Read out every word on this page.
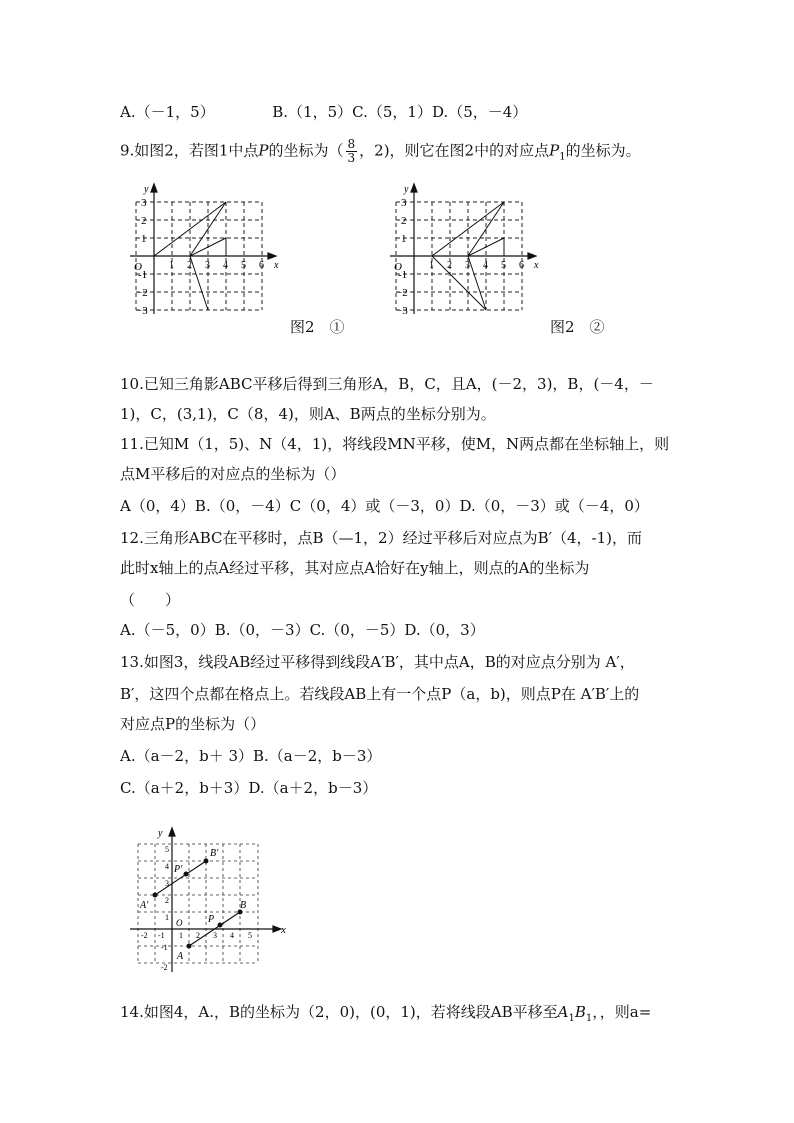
A.（－1，5）	B.（1，5）C.（5，1）D.（5，－4）
9.如图2，若图1中点P的坐标为（ $\frac{8}{3}$ ，2)，则它在图2中的对应点$P_1$的坐标为。
y
x
O
3
2
1
-1
−2
−3
1 2 3 4 5 6
图2　①
y
x
O
3
2
1
-1
−2
−3
1 2 3 4 5 6
图2　②
10.已知三角影ABC平移后得到三角形A，B，C，且A，(－2，3)，B，(－4，－
1)，C，(3,1)，C（8，4)，则A、B两点的坐标分别为。
11.已知M（1，5)、N（4，1)，将线段MN平移，使M，N两点都在坐标轴上，则
点M平移后的对应点的坐标为（）
A（0，4）B.（0，－4）C（0，4）或（－3，0）D.（0，－3）或（－4，0）
12.三角形ABC在平移时，点B（—1，2）经过平移后对应点为B′（4，-1)，而
此时x轴上的点A经过平移，其对应点A恰好在y轴上，则点的A的坐标为
（　　）
A.（－5，0）B.（0，－3）C.（0，－5）D.（0，3）
13.如图3，线段AB经过平移得到线段A′B′，其中点A，B的对应点分别为 A′，
B′，这四个点都在格点上。若线段AB上有一个点P（a，b)，则点P在 A′B′上的
对应点P的坐标为（）
A.（a－2，b＋ 3）B.（a－2，b－3）
C.（a＋2，b＋3）D.（a＋2，b－3）
y
x
O
-2 -1 1 2 3 4 5
5
4
3
2
1
-1
-2
A′
P′
B′
A
P
B
14.如图4，A.，B的坐标为（2，0)，(0，1)，若将线段AB平移至$A_1B_1$，，则a=
